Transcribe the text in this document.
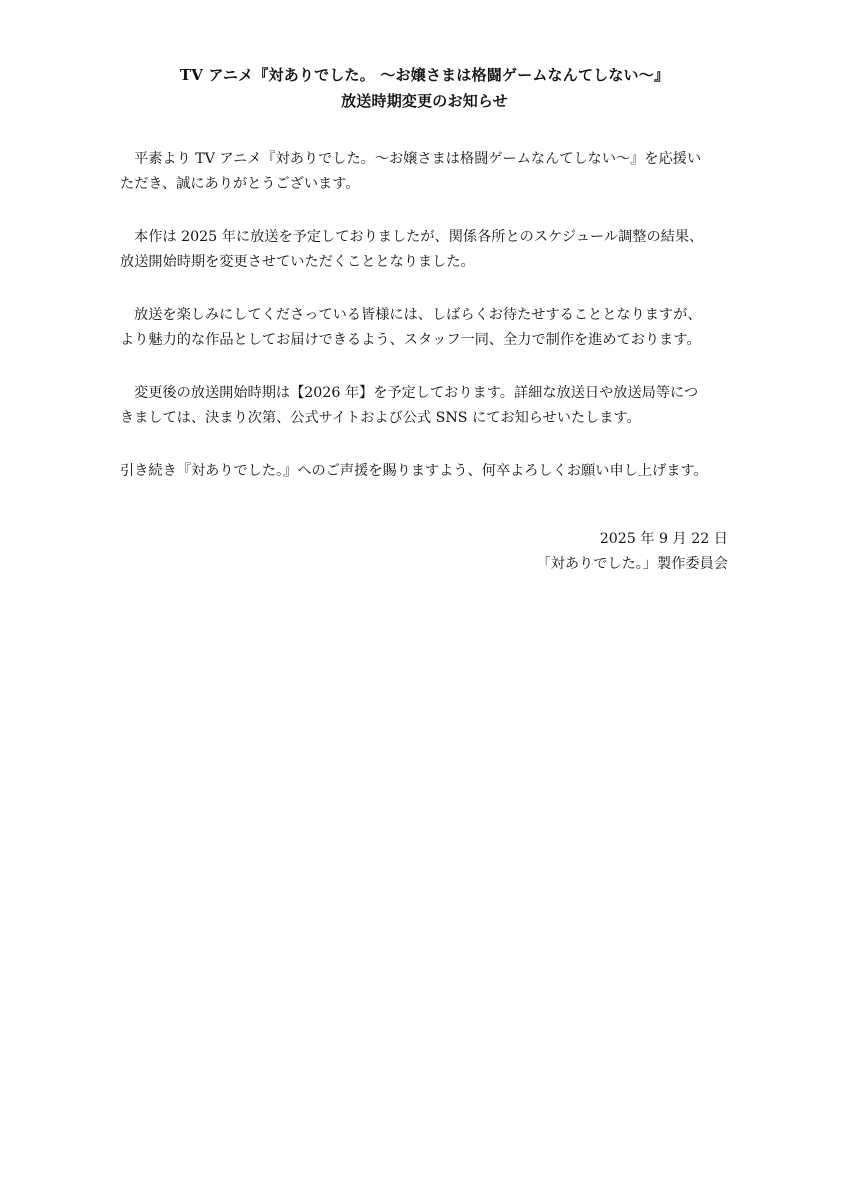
TV アニメ『対ありでした。 〜お嬢さまは格闘ゲームなんてしない〜』
放送時期変更のお知らせ

平素より TV アニメ『対ありでした。〜お嬢さまは格闘ゲームなんてしない〜』を応援い
ただき、誠にありがとうございます。

本作は 2025 年に放送を予定しておりましたが、関係各所とのスケジュール調整の結果、
放送開始時期を変更させていただくこととなりました。

放送を楽しみにしてくださっている皆様には、しばらくお待たせすることとなりますが、
より魅力的な作品としてお届けできるよう、スタッフ一同、全力で制作を進めております。

変更後の放送開始時期は【2026 年】を予定しております。詳細な放送日や放送局等につ
きましては、決まり次第、公式サイトおよび公式 SNS にてお知らせいたします。

引き続き『対ありでした。』へのご声援を賜りますよう、何卒よろしくお願い申し上げます。

2025 年 9 月 22 日
「対ありでした。」製作委員会
